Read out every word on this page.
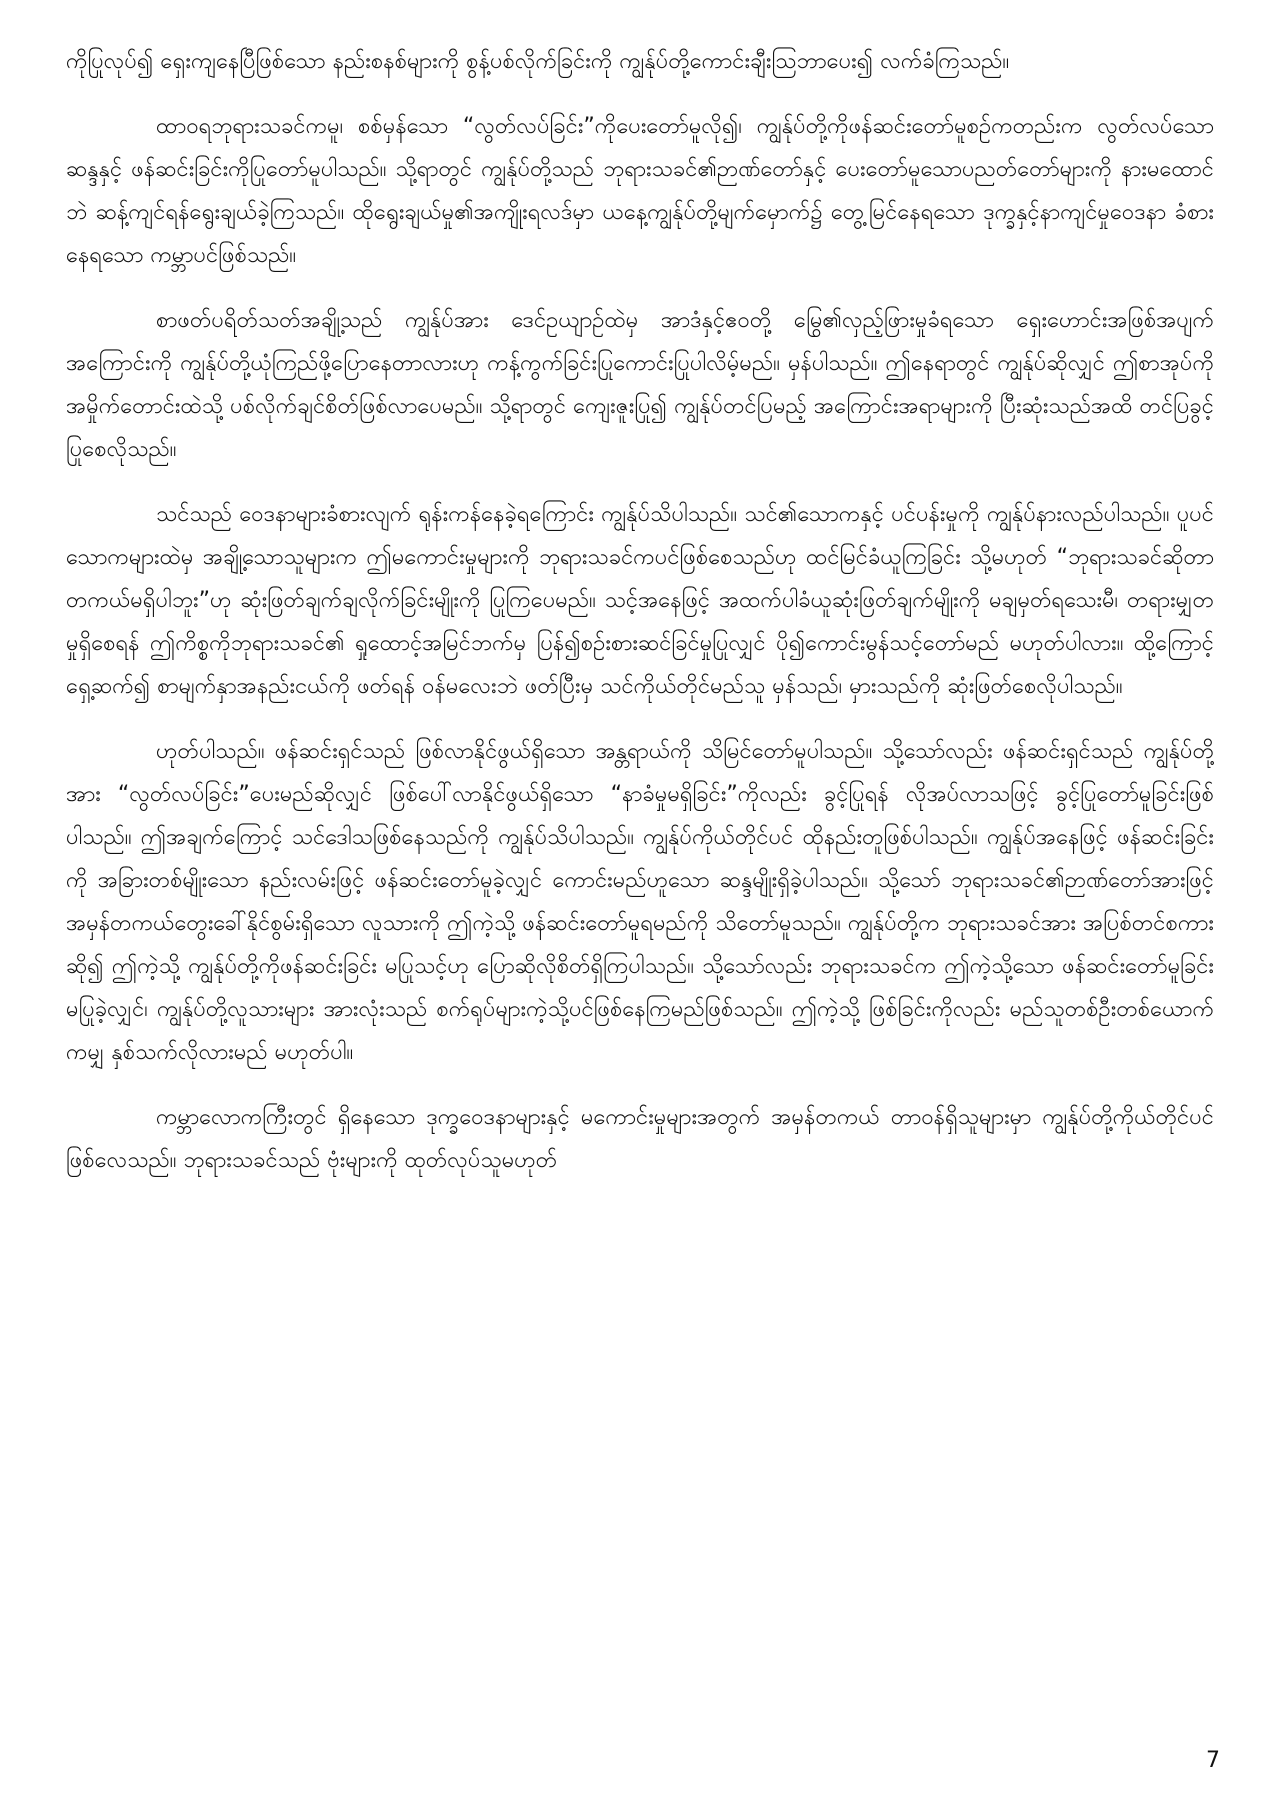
ကိုပြုလုပ်၍ ရှေးကျနေပြီဖြစ်သော နည်းစနစ်များကို စွန့်ပစ်လိုက်ခြင်းကို ကျွန်ုပ်တို့ကောင်းချီးသြဘာပေး၍ လက်ခံကြသည်။

ထာဝရဘုရားသခင်ကမူ၊ စစ်မှန်သော “လွတ်လပ်ခြင်း”ကိုပေးတော်မူလို၍၊ ကျွန်ုပ်တို့ကိုဖန်ဆင်းတော်မူစဉ်ကတည်းက လွတ်လပ်သောဆန္ဒနှင့် ဖန်ဆင်းခြင်းကိုပြုတော်မူပါသည်။ သို့ရာတွင် ကျွန်ုပ်တို့သည် ဘုရားသခင်၏ဉာဏ်တော်နှင့် ပေးတော်မူသောပညတ်တော်များကို နားမထောင်ဘဲ ဆန့်ကျင်ရန်ရွေးချယ်ခဲ့ကြသည်။ ထိုရွေးချယ်မှု၏အကျိုးရလဒ်မှာ ယနေ့ကျွန်ုပ်တို့မျက်မှောက်၌ တွေ့မြင်နေရသော ဒုက္ခနှင့်နာကျင်မှုဝေဒနာ ခံစားနေရသော ကမ္ဘာပင်ဖြစ်သည်။

စာဖတ်ပရိတ်သတ်အချို့သည် ကျွန်ုပ်အား ဒေင်ဥယျာဉ်ထဲမှ အာဒံနှင့်ဧဝတို့ မြွေ၏လှည့်ဖြားမှုခံရသော ရှေးဟောင်းအဖြစ်အပျက်အကြောင်းကို ကျွန်ုပ်တို့ယုံကြည်ဖို့ပြောနေတာလားဟု ကန့်ကွက်ခြင်းပြုကောင်းပြုပါလိမ့်မည်။ မှန်ပါသည်။ ဤနေရာတွင် ကျွန်ုပ်ဆိုလျှင် ဤစာအုပ်ကို အမှိုက်တောင်းထဲသို့ ပစ်လိုက်ချင်စိတ်ဖြစ်လာပေမည်။ သို့ရာတွင် ကျေးဇူးပြု၍ ကျွန်ုပ်တင်ပြမည့် အကြောင်းအရာများကို ပြီးဆုံးသည်အထိ တင်ပြခွင့်ပြုစေလိုသည်။

သင်သည် ဝေဒနာများခံစားလျက် ရုန်းကန်နေခဲ့ရကြောင်း ကျွန်ုပ်သိပါသည်။ သင်၏သောကနှင့် ပင်ပန်းမှုကို ကျွန်ုပ်နားလည်ပါသည်။ ပူပင်သောကများထဲမှ အချို့သောသူများက ဤမကောင်းမှုများကို ဘုရားသခင်ကပင်ဖြစ်စေသည်ဟု ထင်မြင်ခံယူကြခြင်း သို့မဟုတ် “ဘုရားသခင်ဆိုတာ တကယ်မရှိပါဘူး”ဟု ဆုံးဖြတ်ချက်ချလိုက်ခြင်းမျိုးကို ပြုကြပေမည်။ သင့်အနေဖြင့် အထက်ပါခံယူဆုံးဖြတ်ချက်မျိုးကို မချမှတ်ရသေးမီ၊ တရားမျှတမှုရှိစေရန် ဤကိစ္စကိုဘုရားသခင်၏ ရှုထောင့်အမြင်ဘက်မှ ပြန်၍စဉ်းစားဆင်ခြင်မှုပြုလျှင် ပို၍ကောင်းမွန်သင့်တော်မည် မဟုတ်ပါလား။ ထို့ကြောင့် ရှေ့ဆက်၍ စာမျက်နှာအနည်းငယ်ကို ဖတ်ရန် ဝန်မလေးဘဲ ဖတ်ပြီးမှ သင်ကိုယ်တိုင်မည်သူ မှန်သည်၊ မှားသည်ကို ဆုံးဖြတ်စေလိုပါသည်။

ဟုတ်ပါသည်။ ဖန်ဆင်းရှင်သည် ဖြစ်လာနိုင်ဖွယ်ရှိသော အန္တရာယ်ကို သိမြင်တော်မူပါသည်။ သို့သော်လည်း ဖန်ဆင်းရှင်သည် ကျွန်ုပ်တို့အား “လွတ်လပ်ခြင်း”ပေးမည်ဆိုလျှင် ဖြစ်ပေါ်လာနိုင်ဖွယ်ရှိသော “နာခံမှုမရှိခြင်း”ကိုလည်း ခွင့်ပြုရန် လိုအပ်လာသဖြင့် ခွင့်ပြုတော်မူခြင်းဖြစ်ပါသည်။ ဤအချက်ကြောင့် သင်ဒေါသဖြစ်နေသည်ကို ကျွန်ုပ်သိပါသည်။ ကျွန်ုပ်ကိုယ်တိုင်ပင် ထိုနည်းတူဖြစ်ပါသည်။ ကျွန်ုပ်အနေဖြင့် ဖန်ဆင်းခြင်းကို အခြားတစ်မျိုးသော နည်းလမ်းဖြင့် ဖန်ဆင်းတော်မူခဲ့လျှင် ကောင်းမည်ဟူသော ဆန္ဒမျိုးရှိခဲ့ပါသည်။ သို့သော် ဘုရားသခင်၏ဉာဏ်တော်အားဖြင့် အမှန်တကယ်တွေးခေါ်နိုင်စွမ်းရှိသော လူသားကို ဤကဲ့သို့ ဖန်ဆင်းတော်မူရမည်ကို သိတော်မူသည်။ ကျွန်ုပ်တို့က ဘုရားသခင်အား အပြစ်တင်စကားဆို၍ ဤကဲ့သို့ ကျွန်ုပ်တို့ကိုဖန်ဆင်းခြင်း မပြုသင့်ဟု ပြောဆိုလိုစိတ်ရှိကြပါသည်။ သို့သော်လည်း ဘုရားသခင်က ဤကဲ့သို့သော ဖန်ဆင်းတော်မူခြင်းမပြုခဲ့လျှင်၊ ကျွန်ုပ်တို့လူသားများ အားလုံးသည် စက်ရုပ်များကဲ့သို့ပင်ဖြစ်နေကြမည်ဖြစ်သည်။ ဤကဲ့သို့ ဖြစ်ခြင်းကိုလည်း မည်သူတစ်ဦးတစ်ယောက်ကမျှ နှစ်သက်လိုလားမည် မဟုတ်ပါ။

ကမ္ဘာလောကကြီးတွင် ရှိနေသော ဒုက္ခဝေဒနာများနှင့် မကောင်းမှုများအတွက် အမှန်တကယ် တာဝန်ရှိသူများမှာ ကျွန်ုပ်တို့ကိုယ်တိုင်ပင်ဖြစ်လေသည်။ ဘုရားသခင်သည် ဗုံးများကို ထုတ်လုပ်သူမဟုတ်

7
